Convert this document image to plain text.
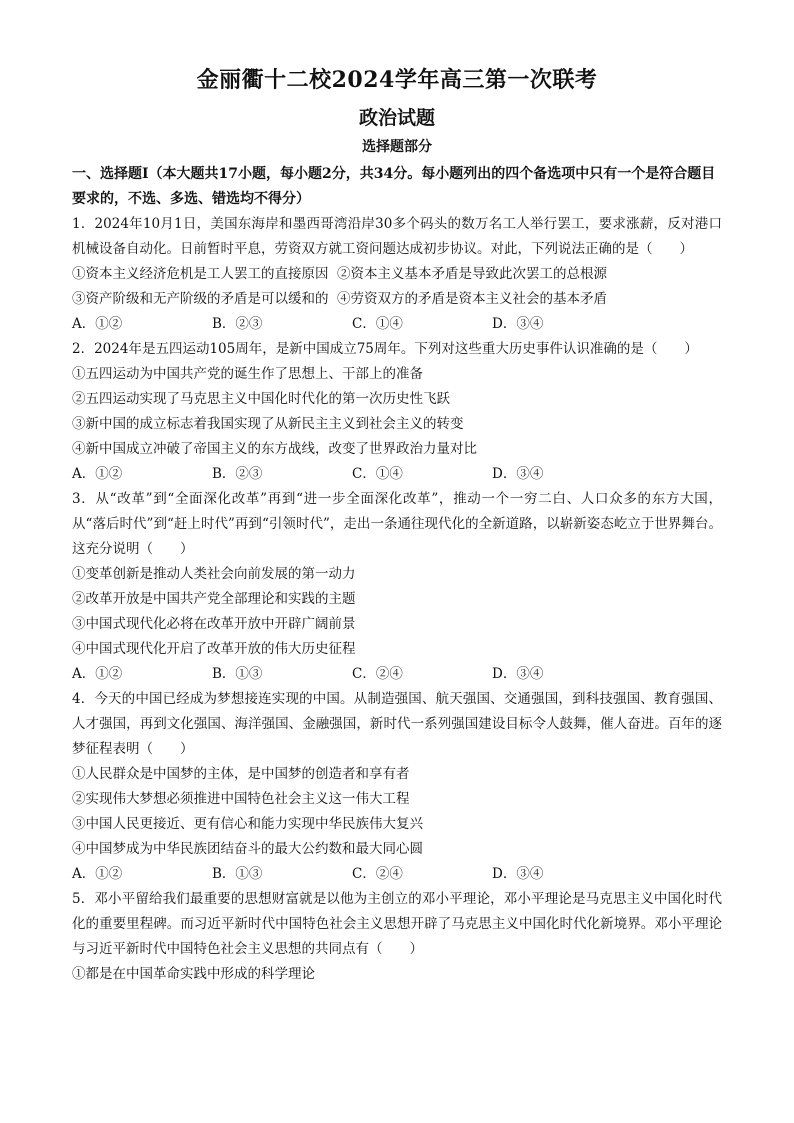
金丽衢十二校2024学年高三第一次联考
政治试题
选择题部分

一、选择题Ⅰ（本大题共17小题，每小题2分，共34分。每小题列出的四个备选项中只有一个是符合题目要求的，不选、多选、错选均不得分）

1．2024年10月1日，美国东海岸和墨西哥湾沿岸30多个码头的数万名工人举行罢工，要求涨薪，反对港口机械设备自动化。日前暂时平息，劳资双方就工资问题达成初步协议。对此，下列说法正确的是（　　）

①资本主义经济危机是工人罢工的直接原因 ②资本主义基本矛盾是导致此次罢工的总根源
③资产阶级和无产阶级的矛盾是可以缓和的 ④劳资双方的矛盾是资本主义社会的基本矛盾
A．①②	B．②③	C．①④	D．③④

2．2024年是五四运动105周年，是新中国成立75周年。下列对这些重大历史事件认识准确的是（　　）

①五四运动为中国共产党的诞生作了思想上、干部上的准备

②五四运动实现了马克思主义中国化时代化的第一次历史性飞跃

③新中国的成立标志着我国实现了从新民主主义到社会主义的转变

④新中国成立冲破了帝国主义的东方战线，改变了世界政治力量对比

A．①②	B．②③	C．①④	D．③④

3．从“改革”到“全面深化改革”再到“进一步全面深化改革”，推动一个一穷二白、人口众多的东方大国，从“落后时代”到“赶上时代”再到“引领时代”，走出一条通往现代化的全新道路，以崭新姿态屹立于世界舞台。这充分说明（　　）

①变革创新是推动人类社会向前发展的第一动力

②改革开放是中国共产党全部理论和实践的主题

③中国式现代化必将在改革开放中开辟广阔前景

④中国式现代化开启了改革开放的伟大历史征程

A．①②	B．①③	C．②④	D．③④

4．今天的中国已经成为梦想接连实现的中国。从制造强国、航天强国、交通强国，到科技强国、教育强国、人才强国，再到文化强国、海洋强国、金融强国，新时代一系列强国建设目标令人鼓舞，催人奋进。百年的逐梦征程表明（　　）

①人民群众是中国梦的主体，是中国梦的创造者和享有者

②实现伟大梦想必须推进中国特色社会主义这一伟大工程

③中国人民更接近、更有信心和能力实现中华民族伟大复兴

④中国梦成为中华民族团结奋斗的最大公约数和最大同心圆

A．①②	B．①③	C．②④	D．③④

5．邓小平留给我们最重要的思想财富就是以他为主创立的邓小平理论，邓小平理论是马克思主义中国化时代化的重要里程碑。而习近平新时代中国特色社会主义思想开辟了马克思主义中国化时代化新境界。邓小平理论与习近平新时代中国特色社会主义思想的共同点有（　　）

①都是在中国革命实践中形成的科学理论
